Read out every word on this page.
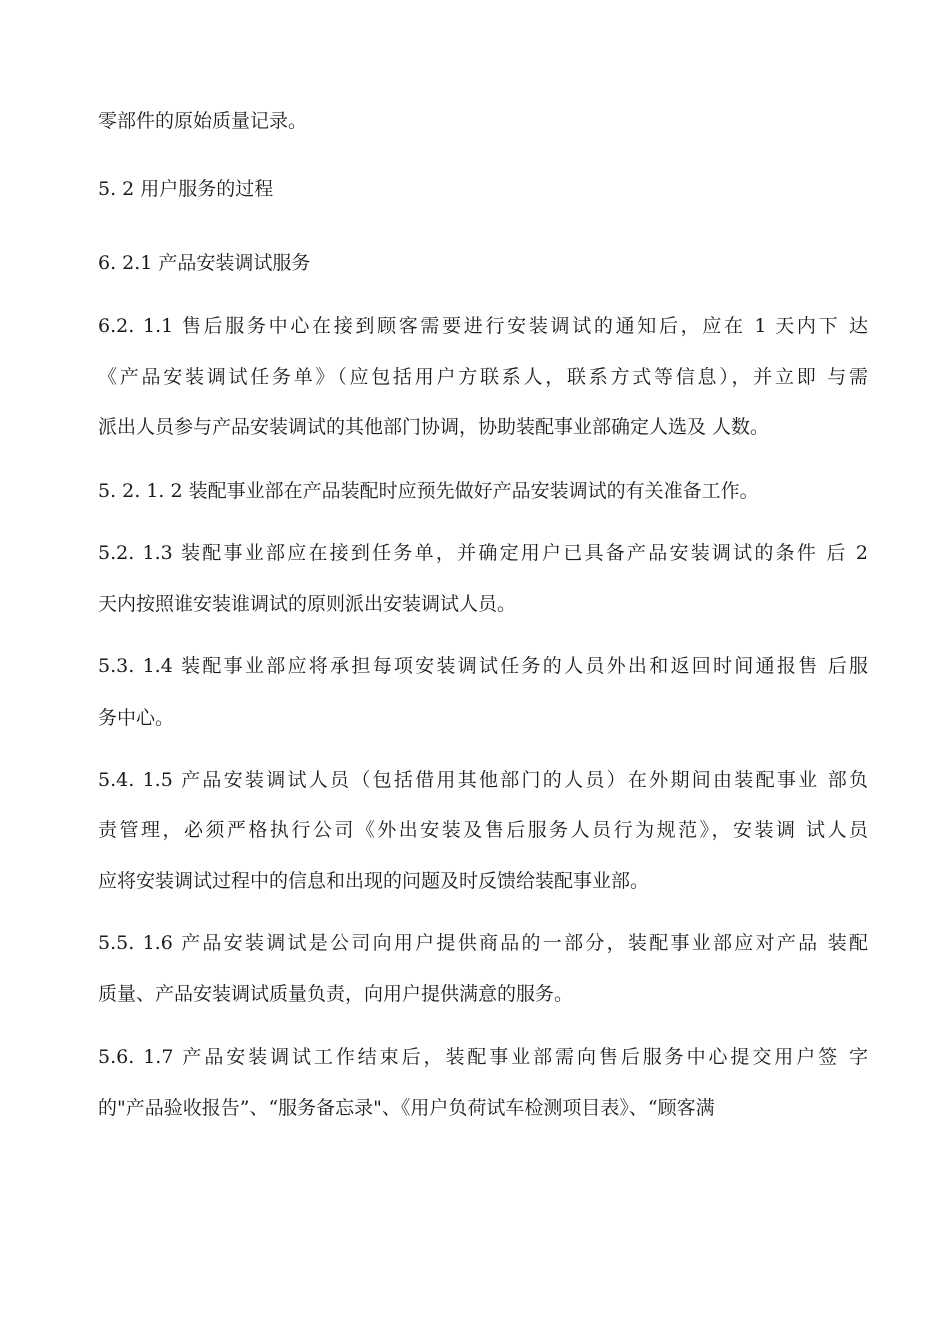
零部件的原始质量记录。
5. 2 用户服务的过程
6. 2.1 产品安装调试服务
6.2. 1.1 售后服务中心在接到顾客需要进行安装调试的通知后，应在 1 天内下 达
《产品安装调试任务单》（应包括用户方联系人，联系方式等信息），并立即 与需
派出人员参与产品安装调试的其他部门协调，协助装配事业部确定人选及 人数。
5. 2. 1. 2 装配事业部在产品装配时应预先做好产品安装调试的有关准备工作。
5.2. 1.3 装配事业部应在接到任务单，并确定用户已具备产品安装调试的条件 后 2
天内按照谁安装谁调试的原则派出安装调试人员。
5.3. 1.4 装配事业部应将承担每项安装调试任务的人员外出和返回时间通报售 后服
务中心。
5.4. 1.5 产品安装调试人员（包括借用其他部门的人员）在外期间由装配事业 部负
责管理，必须严格执行公司《外出安装及售后服务人员行为规范》，安装调 试人员
应将安装调试过程中的信息和出现的问题及时反馈给装配事业部。
5.5. 1.6 产品安装调试是公司向用户提供商品的一部分，装配事业部应对产品 装配
质量、产品安装调试质量负责，向用户提供满意的服务。
5.6. 1.7 产品安装调试工作结束后，装配事业部需向售后服务中心提交用户签 字
的"产品验收报告”、“服务备忘录"、《用户负荷试车检测项目表》、“顾客满
